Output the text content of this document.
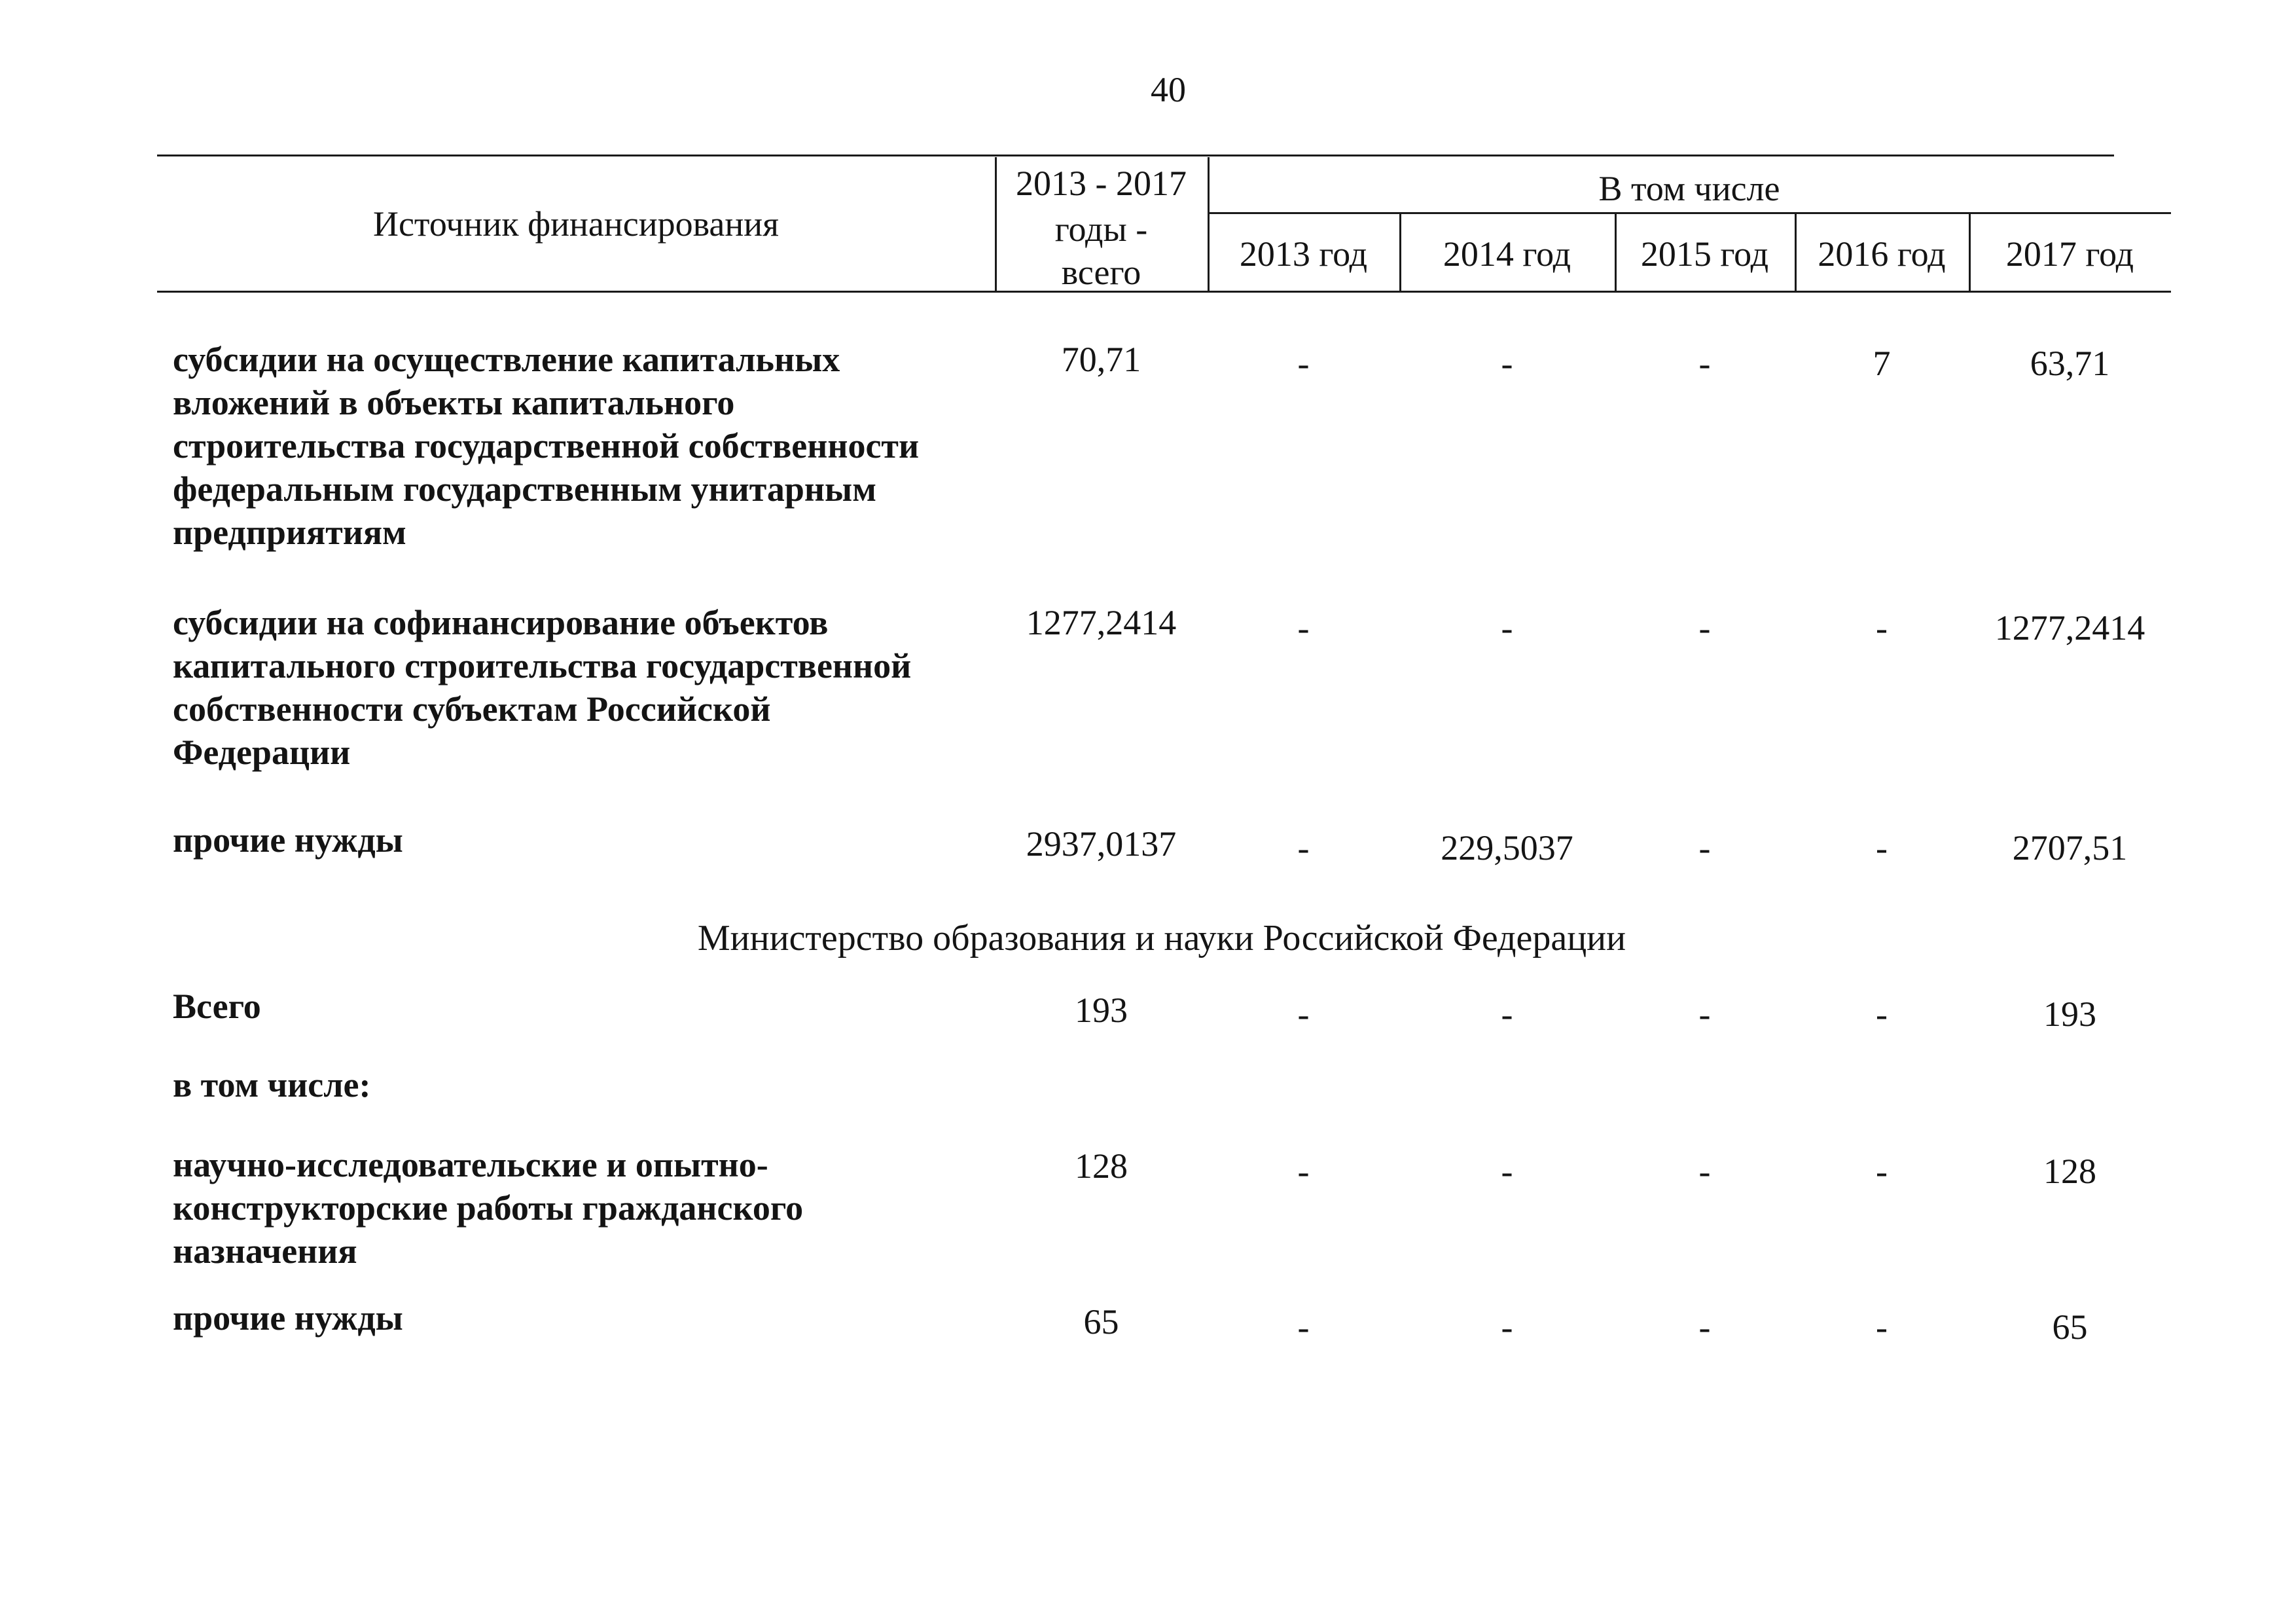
40
Источник финансирования
2013 - 2017
годы -
всего
В том числе
2013 год	2014 год	2015 год	2016 год	2017 год
субсидии на осуществление капитальных
вложений в объекты капитального
строительства государственной собственности
федеральным государственным унитарным
предприятиям
70,71	-	-	-	7	63,71
субсидии на софинансирование объектов
капитального строительства государственной
собственности субъектам Российской
Федерации
1277,2414	-	-	-	-	1277,2414
прочие нужды	2937,0137	-	229,5037	-	-	2707,51
Министерство образования и науки Российской Федерации
Всего	193	-	-	-	-	193
в том числе:
научно-исследовательские и опытно-
конструкторские работы гражданского
назначения
128	-	-	-	-	128
прочие нужды	65	-	-	-	-	65
